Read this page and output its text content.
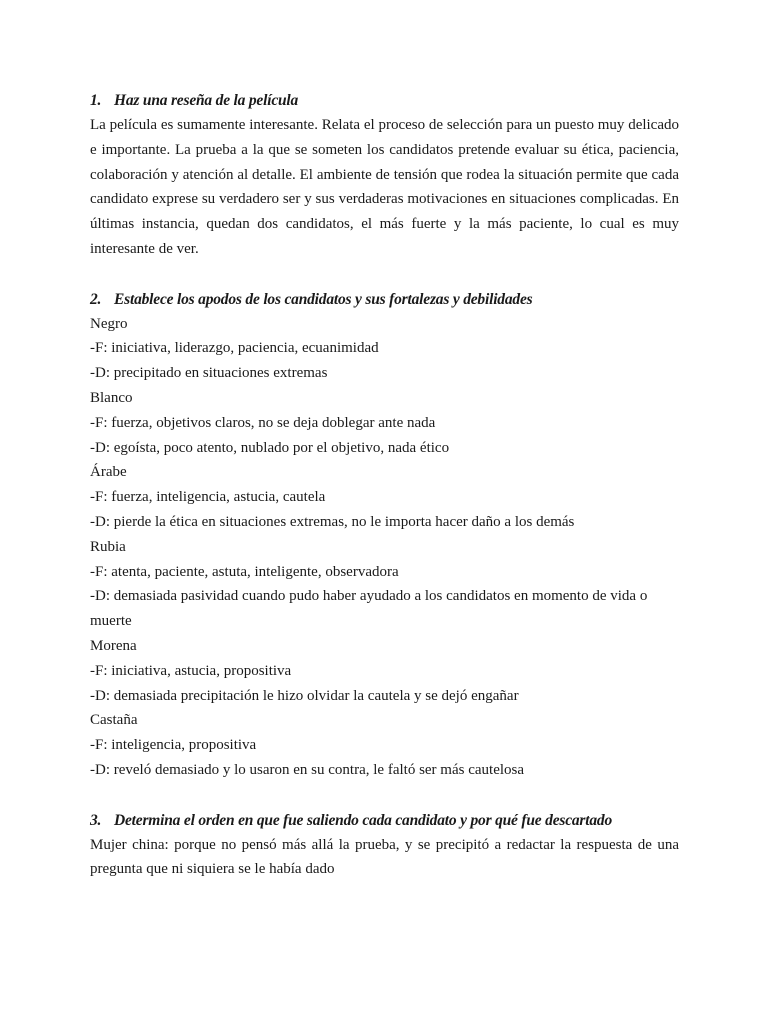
1. Haz una reseña de la película

La película es sumamente interesante. Relata el proceso de selección para un puesto muy delicado e importante. La prueba a la que se someten los candidatos pretende evaluar su ética, paciencia, colaboración y atención al detalle. El ambiente de tensión que rodea la situación permite que cada candidato exprese su verdadero ser y sus verdaderas motivaciones en situaciones complicadas. En últimas instancia, quedan dos candidatos, el más fuerte y la más paciente, lo cual es muy interesante de ver.

2. Establece los apodos de los candidatos y sus fortalezas y debilidades

Negro

-F: iniciativa, liderazgo, paciencia, ecuanimidad

-D: precipitado en situaciones extremas

Blanco

-F: fuerza, objetivos claros, no se deja doblegar ante nada

-D: egoísta, poco atento, nublado por el objetivo, nada ético

Árabe

-F: fuerza, inteligencia, astucia, cautela

-D: pierde la ética en situaciones extremas, no le importa hacer daño a los demás

Rubia

-F: atenta, paciente, astuta, inteligente, observadora

-D: demasiada pasividad cuando pudo haber ayudado a los candidatos en momento de vida o muerte

Morena

-F: iniciativa, astucia, propositiva

-D: demasiada precipitación le hizo olvidar la cautela y se dejó engañar

Castaña

-F: inteligencia, propositiva

-D: reveló demasiado y lo usaron en su contra, le faltó ser más cautelosa

3. Determina el orden en que fue saliendo cada candidato y por qué fue descartado

Mujer china: porque no pensó más allá la prueba, y se precipitó a redactar la respuesta de una pregunta que ni siquiera se le había dado
